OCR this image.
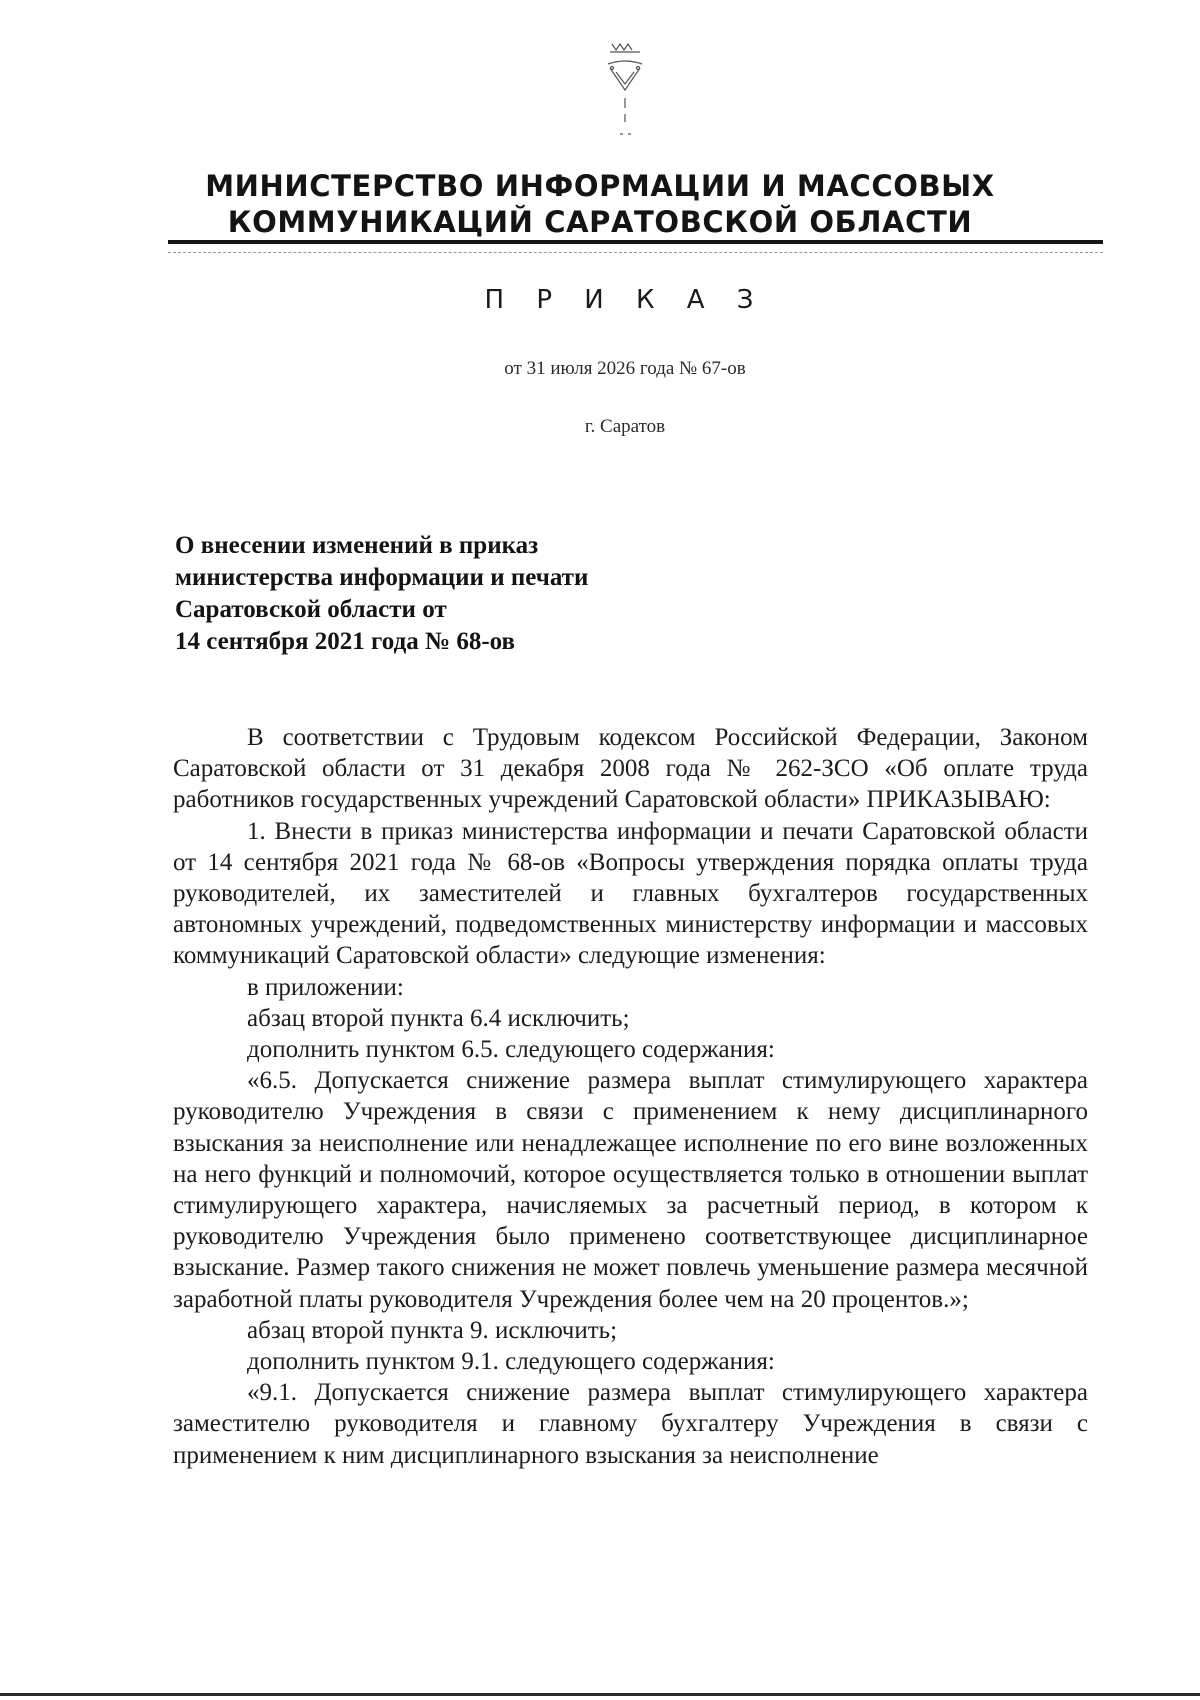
МИНИСТЕРСТВО ИНФОРМАЦИИ И МАССОВЫХ
КОММУНИКАЦИЙ САРАТОВСКОЙ ОБЛАСТИ
П Р И К А З
от 31 июля 2026 года № 67-ов
г. Саратов
О внесении изменений в приказ
министерства информации и печати
Саратовской области от
14 сентября 2021 года № 68-ов

В соответствии с Трудовым кодексом Российской Федерации, Законом Саратовской области от 31 декабря 2008 года № 262-ЗСО «Об оплате труда работников государственных учреждений Саратовской области» ПРИКАЗЫВАЮ:

1. Внести в приказ министерства информации и печати Саратовской области от 14 сентября 2021 года № 68-ов «Вопросы утверждения порядка оплаты труда руководителей, их заместителей и главных бухгалтеров государственных автономных учреждений, подведомственных министерству информации и массовых коммуникаций Саратовской области» следующие изменения:

в приложении:

абзац второй пункта 6.4 исключить;

дополнить пунктом 6.5. следующего содержания:

«6.5. Допускается снижение размера выплат стимулирующего характера руководителю Учреждения в связи с применением к нему дисциплинарного взыскания за неисполнение или ненадлежащее исполнение по его вине возложенных на него функций и полномочий, которое осуществляется только в отношении выплат стимулирующего характера, начисляемых за расчетный период, в котором к руководителю Учреждения было применено соответствующее дисциплинарное взыскание. Размер такого снижения не может повлечь уменьшение размера месячной заработной платы руководителя Учреждения более чем на 20 процентов.»;

абзац второй пункта 9. исключить;

дополнить пунктом 9.1. следующего содержания:

«9.1. Допускается снижение размера выплат стимулирующего характера заместителю руководителя и главному бухгалтеру Учреждения в связи с применением к ним дисциплинарного взыскания за неисполнение
